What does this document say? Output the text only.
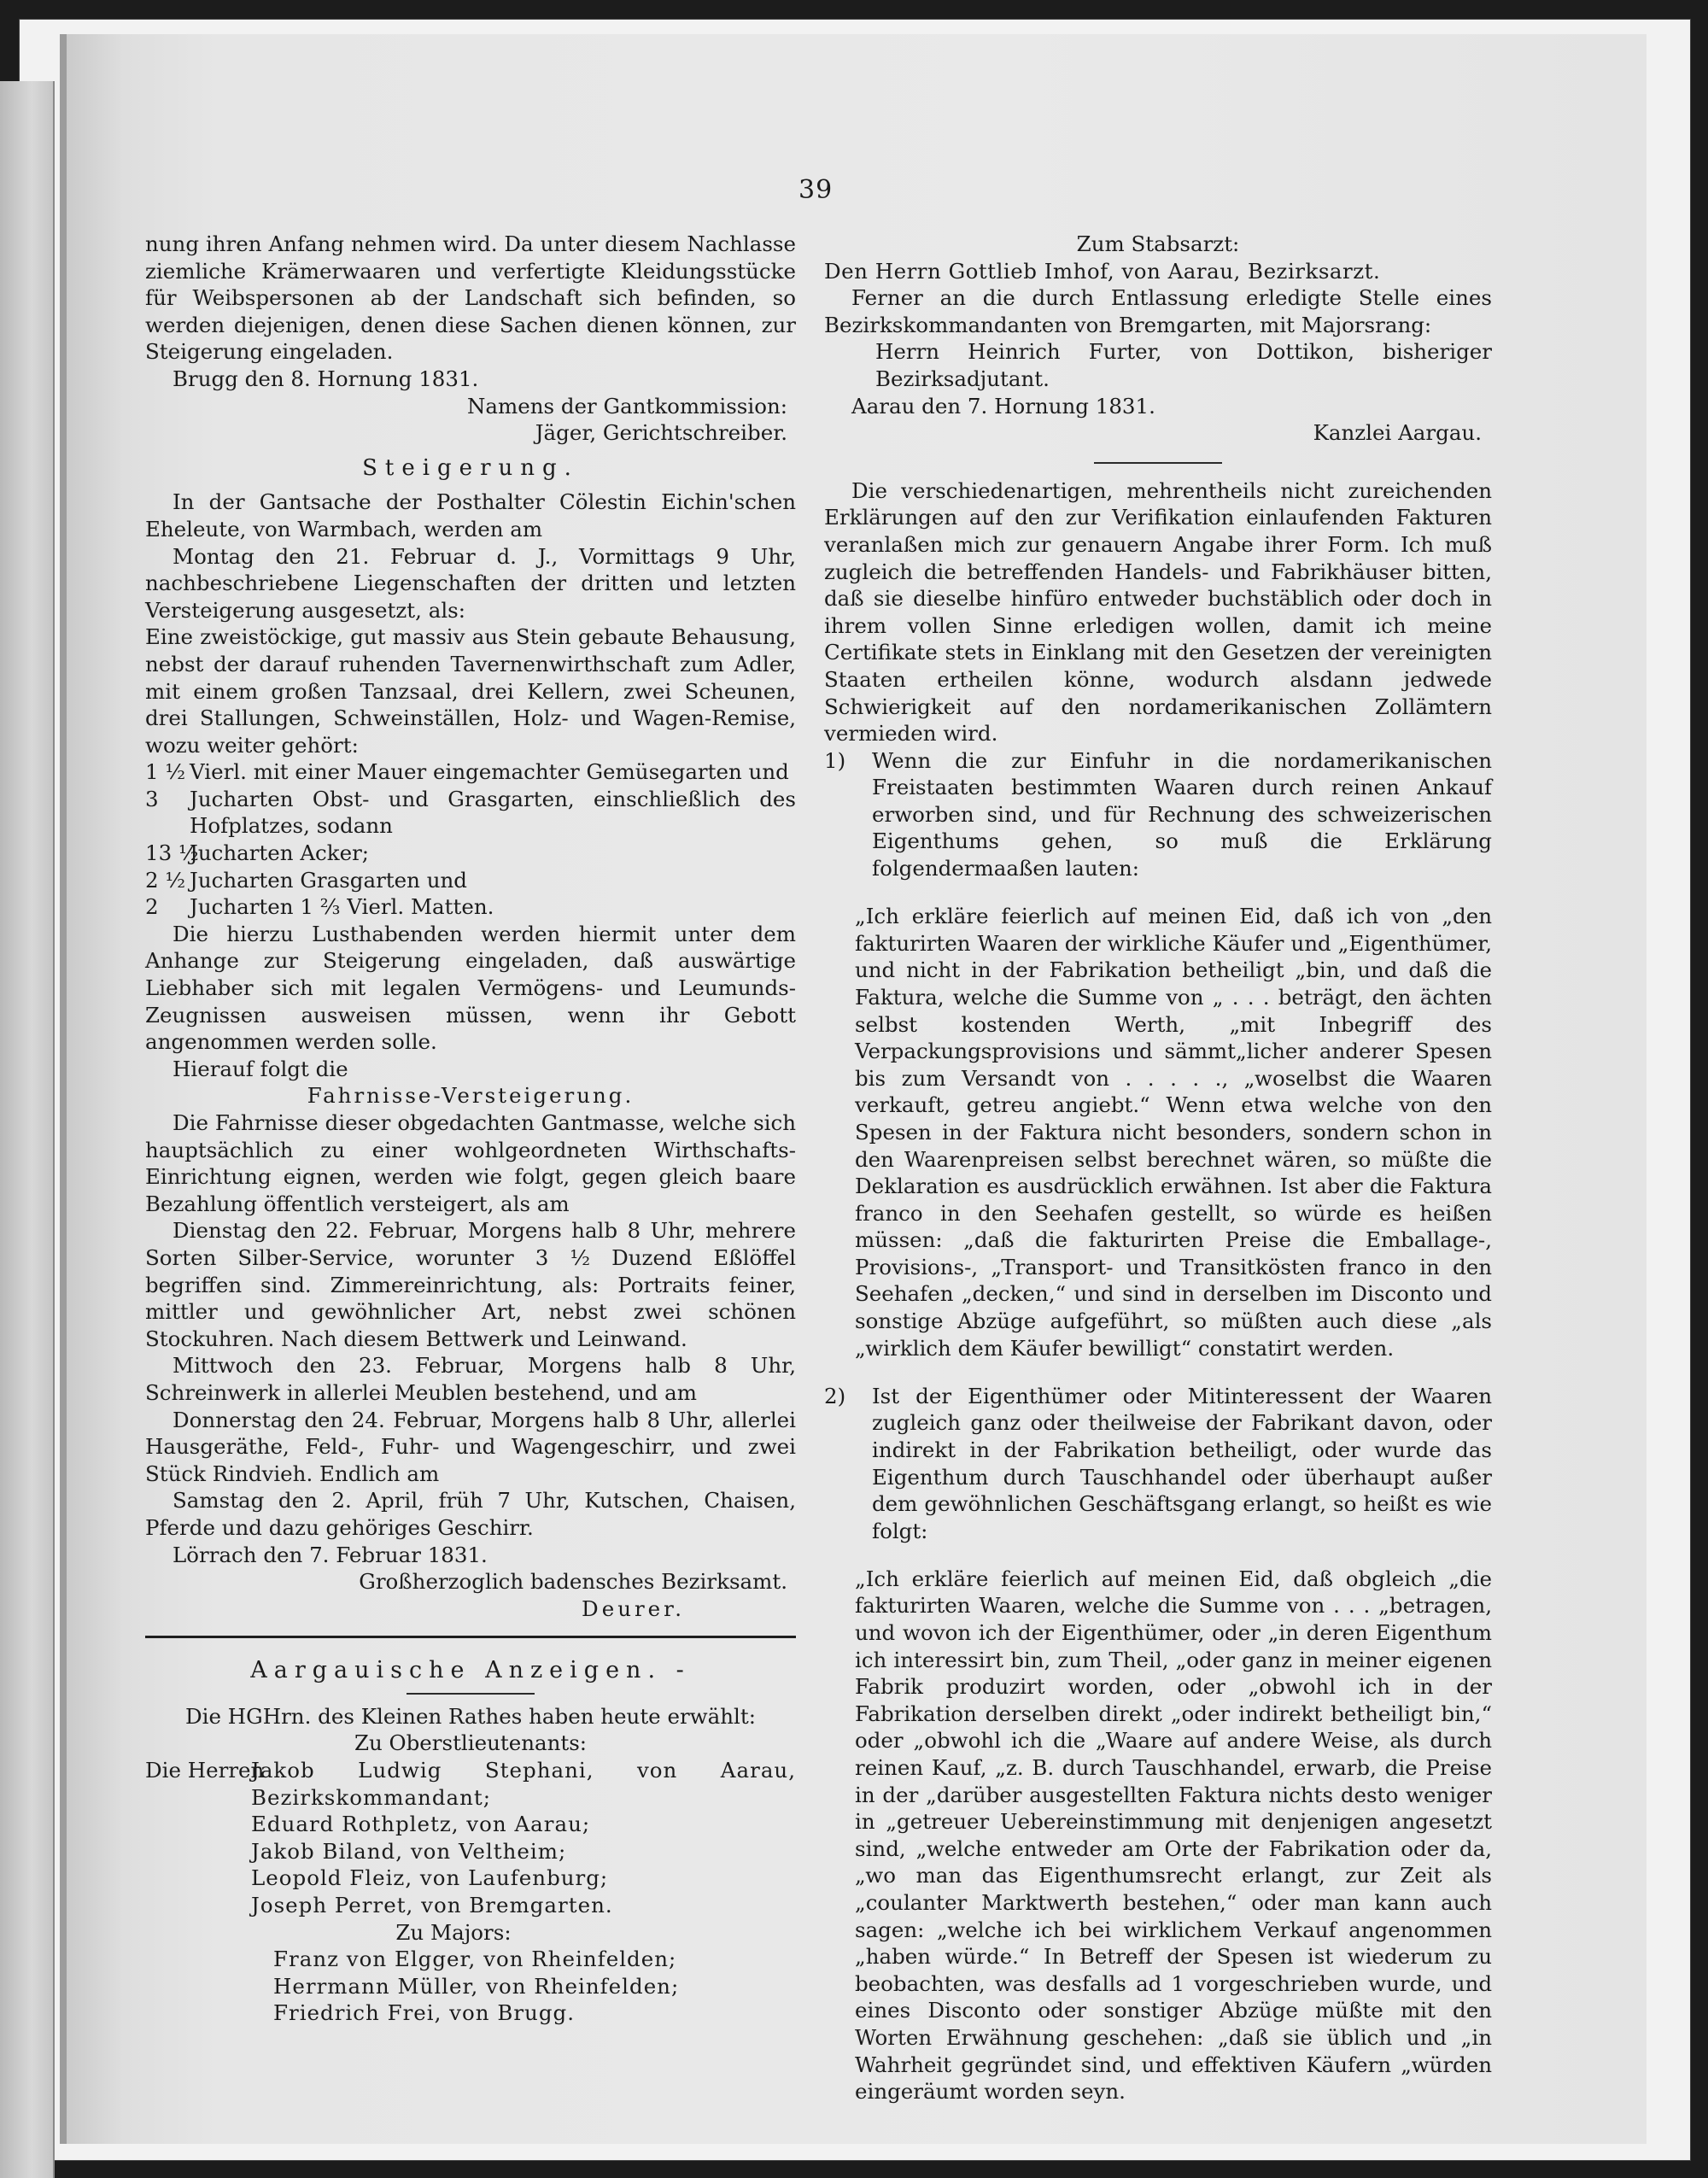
39

nung ihren Anfang nehmen wird. Da unter diesem Nachlasse ziemliche Krämerwaaren und verfertigte Kleidungsstücke für Weibspersonen ab der Landschaft sich befinden, so werden diejenigen, denen diese Sachen dienen können, zur Steigerung eingeladen.

Brugg den 8. Hornung 1831.

Namens der Gantkommission:

Jäger, Gerichtschreiber.

Steigerung.

In der Gantsache der Posthalter Cölestin Eichin'schen Eheleute, von Warmbach, werden am

Montag den 21. Februar d. J., Vormittags 9 Uhr, nachbeschriebene Liegenschaften der dritten und letzten Versteigerung ausgesetzt, als:

Eine zweistöckige, gut massiv aus Stein gebaute Behausung, nebst der darauf ruhenden Tavernenwirthschaft zum Adler, mit einem großen Tanzsaal, drei Kellern, zwei Scheunen, drei Stallungen, Schweinställen, Holz- und Wagen-Remise, wozu weiter gehört:

1 ½ Vierl. mit einer Mauer eingemachter Gemüsegarten und
3 Jucharten Obst- und Grasgarten, einschließlich des Hofplatzes, sodann
13 ½
Jucharten Acker;
2 ½ Jucharten Grasgarten und
2 Jucharten 1 ⅔ Vierl. Matten.

Die hierzu Lusthabenden werden hiermit unter dem Anhange zur Steigerung eingeladen, daß auswärtige Liebhaber sich mit legalen Vermögens- und Leumunds-Zeugnissen ausweisen müssen, wenn ihr Gebott angenommen werden solle.

Hierauf folgt die

Fahrnisse-Versteigerung.

Die Fahrnisse dieser obgedachten Gantmasse, welche sich hauptsächlich zu einer wohlgeordneten Wirthschafts-Einrichtung eignen, werden wie folgt, gegen gleich baare Bezahlung öffentlich versteigert, als am

Dienstag den 22. Februar, Morgens halb 8 Uhr, mehrere Sorten Silber-Service, worunter 3 ½ Duzend Eßlöffel begriffen sind. Zimmereinrichtung, als: Portraits feiner, mittler und gewöhnlicher Art, nebst zwei schönen Stockuhren. Nach diesem Bettwerk und Leinwand.

Mittwoch den 23. Februar, Morgens halb 8 Uhr, Schreinwerk in allerlei Meublen bestehend, und am

Donnerstag den 24. Februar, Morgens halb 8 Uhr, allerlei Hausgeräthe, Feld-, Fuhr- und Wagengeschirr, und zwei Stück Rindvieh. Endlich am

Samstag den 2. April, früh 7 Uhr, Kutschen, Chaisen, Pferde und dazu gehöriges Geschirr.

Lörrach den 7. Februar 1831.

Großherzoglich badensches Bezirksamt.

Deurer.

Aargauische Anzeigen. -

Die HGHrn. des Kleinen Rathes haben heute erwählt:

Zu Oberstlieutenants:

Die Herren
Jakob Ludwig Stephani, von Aarau, Bezirkskommandant;
Eduard Rothpletz, von Aarau;
Jakob Biland, von Veltheim;
Leopold Fleiz, von Laufenburg;
Joseph Perret, von Bremgarten.

Zu Majors:

Franz von Elgger, von Rheinfelden;
Herrmann Müller, von Rheinfelden;
Friedrich Frei, von Brugg.

Zum Stabsarzt:

Den Herrn Gottlieb Imhof, von Aarau, Bezirksarzt.

Ferner an die durch Entlassung erledigte Stelle eines Bezirkskommandanten von Bremgarten, mit Majorsrang:

Herrn Heinrich Furter, von Dottikon, bisheriger Bezirksadjutant.

Aarau den 7. Hornung 1831.

Kanzlei Aargau.

Die verschiedenartigen, mehrentheils nicht zureichenden Erklärungen auf den zur Verifikation einlaufenden Fakturen veranlaßen mich zur genauern Angabe ihrer Form. Ich muß zugleich die betreffenden Handels- und Fabrikhäuser bitten, daß sie dieselbe hinfüro entweder buchstäblich oder doch in ihrem vollen Sinne erledigen wollen, damit ich meine Certifikate stets in Einklang mit den Gesetzen der vereinigten Staaten ertheilen könne, wodurch alsdann jedwede Schwierigkeit auf den nordamerikanischen Zollämtern vermieden wird.

1) Wenn die zur Einfuhr in die nordamerikanischen Freistaaten bestimmten Waaren durch reinen Ankauf erworben sind, und für Rechnung des schweizerischen Eigenthums gehen, so muß die Erklärung folgendermaaßen lauten:

„Ich erkläre feierlich auf meinen Eid, daß ich von „den fakturirten Waaren der wirkliche Käufer und „Eigenthümer, und nicht in der Fabrikation betheiligt „bin, und daß die Faktura, welche die Summe von „ . . . beträgt, den ächten selbst kostenden Werth, „mit Inbegriff des Verpackungsprovisions und sämmt„licher anderer Spesen bis zum Versandt von . . . . ., „woselbst die Waaren verkauft, getreu angiebt.“ Wenn etwa welche von den Spesen in der Faktura nicht besonders, sondern schon in den Waarenpreisen selbst berechnet wären, so müßte die Deklaration es ausdrücklich erwähnen. Ist aber die Faktura franco in den Seehafen gestellt, so würde es heißen müssen: „daß die fakturirten Preise die Emballage-, Provisions-, „Transport- und Transitkösten franco in den Seehafen „decken,“ und sind in derselben im Disconto und sonstige Abzüge aufgeführt, so müßten auch diese „als „wirklich dem Käufer bewilligt“ constatirt werden.

2) Ist der Eigenthümer oder Mitinteressent der Waaren zugleich ganz oder theilweise der Fabrikant davon, oder indirekt in der Fabrikation betheiligt, oder wurde das Eigenthum durch Tauschhandel oder überhaupt außer dem gewöhnlichen Geschäftsgang erlangt, so heißt es wie folgt:

„Ich erkläre feierlich auf meinen Eid, daß obgleich „die fakturirten Waaren, welche die Summe von . . . „betragen, und wovon ich der Eigenthümer, oder „in deren Eigenthum ich interessirt bin, zum Theil, „oder ganz in meiner eigenen Fabrik produzirt worden, oder „obwohl ich in der Fabrikation derselben direkt „oder indirekt betheiligt bin,“ oder „obwohl ich die „Waare auf andere Weise, als durch reinen Kauf, „z. B. durch Tauschhandel, erwarb, die Preise in der „darüber ausgestellten Faktura nichts desto weniger in „getreuer Uebereinstimmung mit denjenigen angesetzt sind, „welche entweder am Orte der Fabrikation oder da, „wo man das Eigenthumsrecht erlangt, zur Zeit als „coulanter Marktwerth bestehen,“ oder man kann auch sagen: „welche ich bei wirklichem Verkauf angenommen „haben würde.“ In Betreff der Spesen ist wiederum zu beobachten, was desfalls ad 1 vorgeschrieben wurde, und eines Disconto oder sonstiger Abzüge müßte mit den Worten Erwähnung geschehen: „daß sie üblich und „in Wahrheit gegründet sind, und effektiven Käufern „würden eingeräumt worden seyn.
